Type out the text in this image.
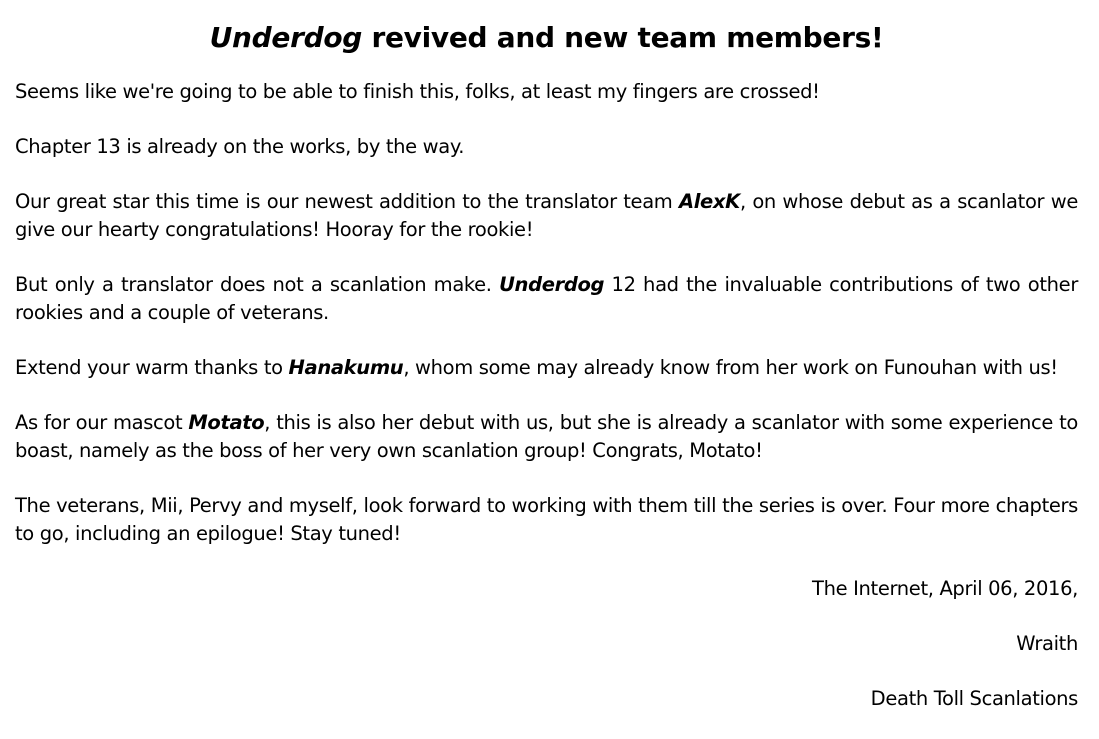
Underdog revived and new team members!

Seems like we're going to be able to finish this, folks, at least my fingers are crossed!

Chapter 13 is already on the works, by the way.

Our great star this time is our newest addition to the translator team AlexK, on whose debut as a scanlator we give our hearty congratulations! Hooray for the rookie!

But only a translator does not a scanlation make. Underdog 12 had the invaluable contributions of two other rookies and a couple of veterans.

Extend your warm thanks to Hanakumu, whom some may already know from her work on Funouhan with us!

As for our mascot Motato, this is also her debut with us, but she is already a scanlator with some experience to boast, namely as the boss of her very own scanlation group! Congrats, Motato!

The veterans, Mii, Pervy and myself, look forward to working with them till the series is over. Four more chapters to go, including an epilogue! Stay tuned!

The Internet, April 06, 2016,

Wraith

Death Toll Scanlations
